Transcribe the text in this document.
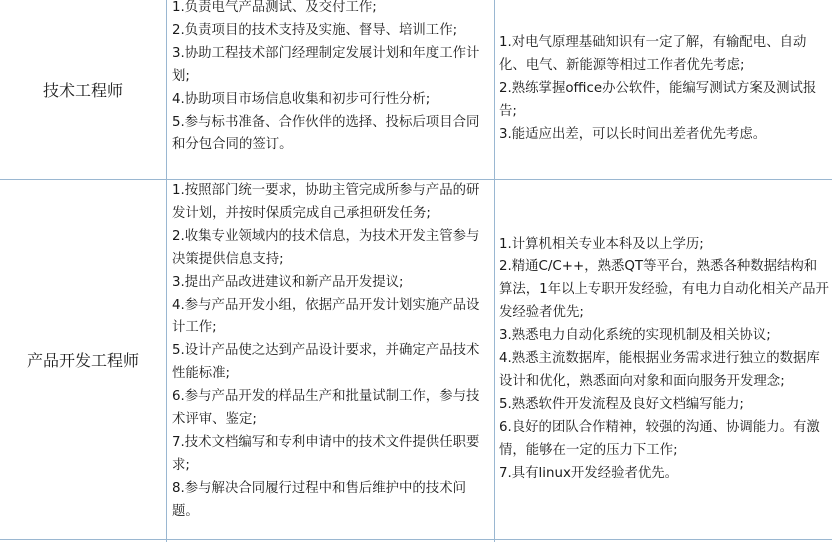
技术工程师
1.负责电气产品测试、及交付工作;
2.负责项目的技术支持及实施、督导、培训工作;
3.协助工程技术部门经理制定发展计划和年度工作计划;
4.协助项目市场信息收集和初步可行性分析;
5.参与标书准备、合作伙伴的选择、投标后项目合同和分包合同的签订。
1.对电气原理基础知识有一定了解，有输配电、自动化、电气、新能源等相过工作者优先考虑;
2.熟练掌握office办公软件，能编写测试方案及测试报告;
3.能适应出差，可以长时间出差者优先考虑。
产品开发工程师
1.按照部门统一要求，协助主管完成所参与产品的研发计划，并按时保质完成自己承担研发任务;
2.收集专业领域内的技术信息，为技术开发主管参与决策提供信息支持;
3.提出产品改进建议和新产品开发提议;
4.参与产品开发小组，依据产品开发计划实施产品设计工作;
5.设计产品使之达到产品设计要求，并确定产品技术性能标准;
6.参与产品开发的样品生产和批量试制工作，参与技术评审、鉴定;
7.技术文档编写和专利申请中的技术文件提供任职要求;
8.参与解决合同履行过程中和售后维护中的技术问题。
1.计算机相关专业本科及以上学历;
2.精通C/C++，熟悉QT等平台，熟悉各种数据结构和算法，1年以上专职开发经验，有电力自动化相关产品开发经验者优先;
3.熟悉电力自动化系统的实现机制及相关协议;
4.熟悉主流数据库，能根据业务需求进行独立的数据库设计和优化，熟悉面向对象和面向服务开发理念;
5.熟悉软件开发流程及良好文档编写能力;
6.良好的团队合作精神，较强的沟通、协调能力。有激情，能够在一定的压力下工作;
7.具有linux开发经验者优先。
